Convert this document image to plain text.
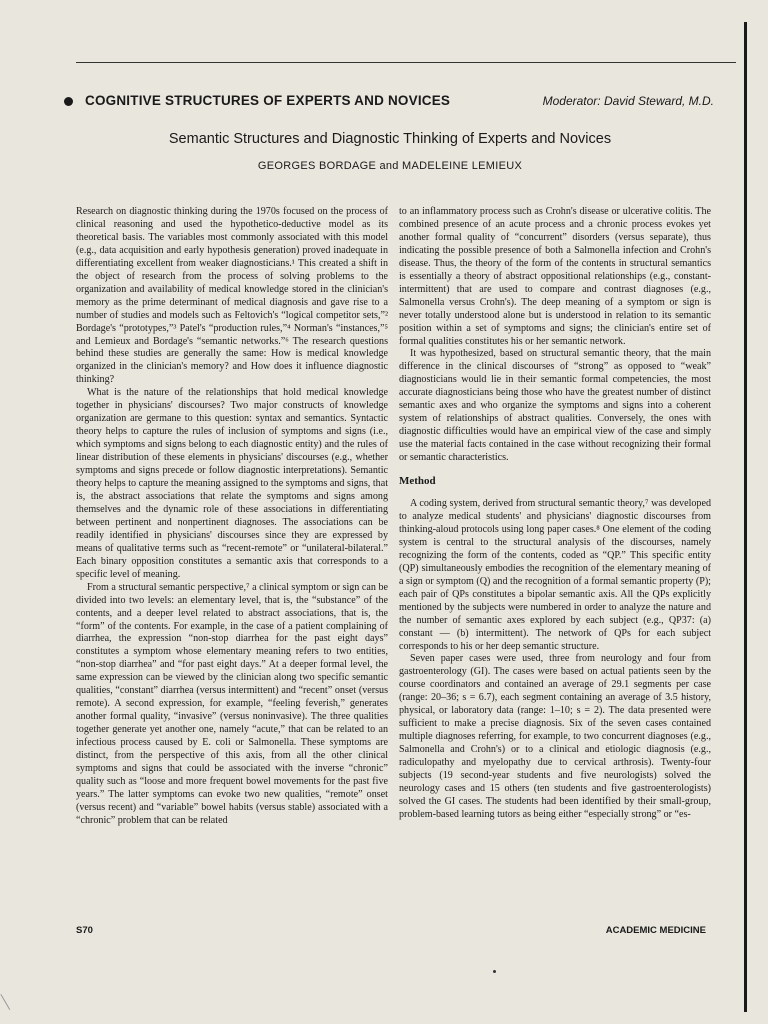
COGNITIVE STRUCTURES OF EXPERTS AND NOVICES	Moderator: David Steward, M.D.
Semantic Structures and Diagnostic Thinking of Experts and Novices
GEORGES BORDAGE and MADELEINE LEMIEUX

Research on diagnostic thinking during the 1970s focused on the process of clinical reasoning and used the hypothetico-deductive model as its theoretical basis. The variables most commonly associated with this model (e.g., data acquisition and early hypothesis generation) proved inadequate in differentiating excellent from weaker diagnosticians.¹ This created a shift in the object of research from the process of solving problems to the organization and availability of medical knowledge stored in the clinician's memory as the prime determinant of medical diagnosis and gave rise to a number of studies and models such as Feltovich's “logical competitor sets,”² Bordage's “prototypes,”³ Patel's “production rules,”⁴ Norman's “instances,”⁵ and Lemieux and Bordage's “semantic networks.”⁶ The research questions behind these studies are generally the same: How is medical knowledge organized in the clinician's memory? and How does it influence diagnostic thinking?

What is the nature of the relationships that hold medical knowledge together in physicians' discourses? Two major constructs of knowledge organization are germane to this question: syntax and semantics. Syntactic theory helps to capture the rules of inclusion of symptoms and signs (i.e., which symptoms and signs belong to each diagnostic entity) and the rules of linear distribution of these elements in physicians' discourses (e.g., whether symptoms and signs precede or follow diagnostic interpretations). Semantic theory helps to capture the meaning assigned to the symptoms and signs, that is, the abstract associations that relate the symptoms and signs among themselves and the dynamic role of these associations in differentiating between pertinent and nonpertinent diagnoses. The associations can be readily identified in physicians' discourses since they are expressed by means of qualitative terms such as “recent-remote” or “unilateral-bilateral.” Each binary opposition constitutes a semantic axis that corresponds to a specific level of meaning.

From a structural semantic perspective,⁷ a clinical symptom or sign can be divided into two levels: an elementary level, that is, the “substance” of the contents, and a deeper level related to abstract associations, that is, the “form” of the contents. For example, in the case of a patient complaining of diarrhea, the expression “non-stop diarrhea for the past eight days” constitutes a symptom whose elementary meaning refers to two entities, “non-stop diarrhea” and “for past eight days.” At a deeper formal level, the same expression can be viewed by the clinician along two specific semantic qualities, “constant” diarrhea (versus intermittent) and “recent” onset (versus remote). A second expression, for example, “feeling feverish,” generates another formal quality, “invasive” (versus noninvasive). The three qualities together generate yet another one, namely “acute,” that can be related to an infectious process caused by E. coli or Salmonella. These symptoms are distinct, from the perspective of this axis, from all the other clinical symptoms and signs that could be associated with the inverse “chronic” quality such as “loose and more frequent bowel movements for the past five years.” The latter symptoms can evoke two new qualities, “remote” onset (versus recent) and “variable” bowel habits (versus stable) associated with a “chronic” problem that can be related

to an inflammatory process such as Crohn's disease or ulcerative colitis. The combined presence of an acute process and a chronic process evokes yet another formal quality of “concurrent” disorders (versus separate), thus indicating the possible presence of both a Salmonella infection and Crohn's disease. Thus, the theory of the form of the contents in structural semantics is essentially a theory of abstract oppositional relationships (e.g., constant-intermittent) that are used to compare and contrast diagnoses (e.g., Salmonella versus Crohn's). The deep meaning of a symptom or sign is never totally understood alone but is understood in relation to its semantic position within a set of symptoms and signs; the clinician's entire set of formal qualities constitutes his or her semantic network.

It was hypothesized, based on structural semantic theory, that the main difference in the clinical discourses of “strong” as opposed to “weak” diagnosticians would lie in their semantic formal competencies, the most accurate diagnosticians being those who have the greatest number of distinct semantic axes and who organize the symptoms and signs into a coherent system of relationships of abstract qualities. Conversely, the ones with diagnostic difficulties would have an empirical view of the case and simply use the material facts contained in the case without recognizing their formal or semantic characteristics.

Method

A coding system, derived from structural semantic theory,⁷ was developed to analyze medical students' and physicians' diagnostic discourses from thinking-aloud protocols using long paper cases.⁸ One element of the coding system is central to the structural analysis of the discourses, namely recognizing the form of the contents, coded as “QP.” This specific entity (QP) simultaneously embodies the recognition of the elementary meaning of a sign or symptom (Q) and the recognition of a formal semantic property (P); each pair of QPs constitutes a bipolar semantic axis. All the QPs explicitly mentioned by the subjects were numbered in order to analyze the nature and the number of semantic axes explored by each subject (e.g., QP37: (a) constant — (b) intermittent). The network of QPs for each subject corresponds to his or her deep semantic structure.

Seven paper cases were used, three from neurology and four from gastroenterology (GI). The cases were based on actual patients seen by the course coordinators and contained an average of 29.1 segments per case (range: 20–36; s = 6.7), each segment containing an average of 3.5 history, physical, or laboratory data (range: 1–10; s = 2). The data presented were sufficient to make a precise diagnosis. Six of the seven cases contained multiple diagnoses referring, for example, to two concurrent diagnoses (e.g., Salmonella and Crohn's) or to a clinical and etiologic diagnosis (e.g., radiculopathy and myelopathy due to cervical arthrosis). Twenty-four subjects (19 second-year students and five neurologists) solved the neurology cases and 15 others (ten students and five gastroenterologists) solved the GI cases. The students had been identified by their small-group, problem-based learning tutors as being either “especially strong” or “es-

S70	ACADEMIC MEDICINE
